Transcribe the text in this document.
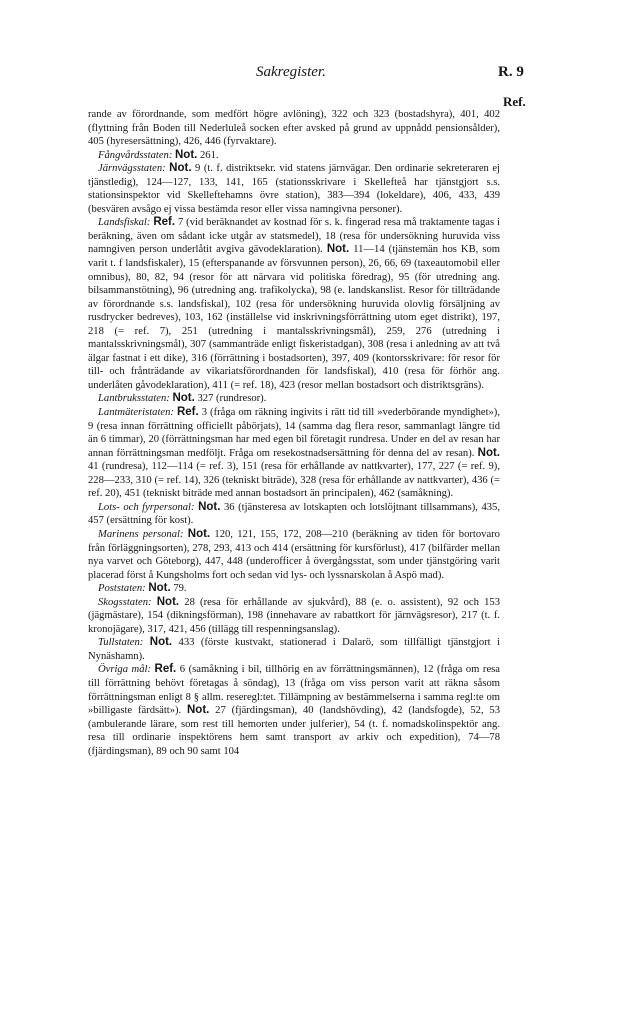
Sakregister.	R. 9
Ref.

rande av förordnande, som medfört högre avlöning), 322 och 323 (bostadshyra), 401, 402 (flyttning från Boden till Nederluleå socken efter avsked på grund av uppnådd pensionsålder), 405 (hyresersättning), 426, 446 (fyrvaktare).

Fångvårdsstaten: Not. 261.

Järnvägsstaten: Not. 9 (t. f. distriktsekr. vid statens järnvägar. Den ordinarie sekreteraren ej tjänstledig), 124—127, 133, 141, 165 (stationsskrivare i Skellefteå har tjänstgjort s.s. stationsinspektor vid Skelleftehamns övre station), 383—394 (lokeldare), 406, 433, 439 (besvären avsågo ej vissa bestämda resor eller vissa namngivna personer).

Landsfiskal: Ref. 7 (vid beräknandet av kostnad för s. k. fingerad resa må traktamente tagas i beräkning, även om sådant icke utgår av statsmedel), 18 (resa för undersökning huruvida viss namngiven person underlåtit avgiva gävodeklaration). Not. 11—14 (tjänstemän hos KB, som varit t. f landsfiskaler), 15 (efterspanande av försvunnen person), 26, 66, 69 (taxeautomobil eller omnibus), 80, 82, 94 (resor för att närvara vid politiska föredrag), 95 (för utredning ang. bilsammanstötning), 96 (utredning ang. trafikolycka), 98 (e. landskanslist. Resor för tillträdande av förordnande s.s. landsfiskal), 102 (resa för undersökning huruvida olovlig försäljning av rusdrycker bedreves), 103, 162 (inställelse vid inskrivningsförrättning utom eget distrikt), 197, 218 (= ref. 7), 251 (utredning i mantalsskrivningsmål), 259, 276 (utredning i mantalsskrivningsmål), 307 (sammanträde enligt fiskeristadgan), 308 (resa i anledning av att två älgar fastnat i ett dike), 316 (förrättning i bostadsorten), 397, 409 (kontorsskrivare: för resor för till- och frånträdande av vikariatsförordnanden för landsfiskal), 410 (resa för förhör ang. underlåten gåvodeklaration), 411 (= ref. 18), 423 (resor mellan bostadsort och distriktsgräns).

Lantbruksstaten: Not. 327 (rundresor).

Lantmäteristaten: Ref. 3 (fråga om räkning ingivits i rätt tid till »vederbörande myndighet»), 9 (resa innan förrättning officiellt påbörjats), 14 (samma dag flera resor, sammanlagt längre tid än 6 timmar), 20 (förrättningsman har med egen bil företagit rundresa. Under en del av resan har annan förrättningsman medföljt. Fråga om resekostnadsersättning för denna del av resan). Not. 41 (rundresa), 112—114 (= ref. 3), 151 (resa för erhållande av nattkvarter), 177, 227 (= ref. 9), 228—233, 310 (= ref. 14), 326 (tekniskt biträde), 328 (resa för erhållande av nattkvarter), 436 (= ref. 20), 451 (tekniskt biträde med annan bostadsort än principalen), 462 (samåkning).

Lots- och fyrpersonal: Not. 36 (tjänsteresa av lotskapten och lotslöjtnant tillsammans), 435, 457 (ersättning för kost).

Marinens personal: Not. 120, 121, 155, 172, 208—210 (beräkning av tiden för bortovaro från förläggningsorten), 278, 293, 413 och 414 (ersättning för kursförlust), 417 (bilfärder mellan nya varvet och Göteborg), 447, 448 (underofficer å övergångsstat, som under tjänstgöring varit placerad först å Kungsholms fort och sedan vid lys- och lyssnarskolan å Aspö mad).

Poststaten: Not. 79.

Skogsstaten: Not. 28 (resa för erhållande av sjukvård), 88 (e. o. assistent), 92 och 153 (jägmästare), 154 (dikningsförman), 198 (innehavare av rabattkort för järnvägsresor), 217 (t. f. kronojägare), 317, 421, 456 (tillägg till respenningsanslag).

Tullstaten: Not. 433 (förste kustvakt, stationerad i Dalarö, som tillfälligt tjänstgjort i Nynäshamn).

Övriga mål: Ref. 6 (samåkning i bil, tillhörig en av förrättningsmännen), 12 (fråga om resa till förrättning behövt företagas å söndag), 13 (fråga om viss person varit att räkna såsom förrättningsman enligt 8 § allm. reseregl:tet. Tillämpning av bestämmelserna i samma regl:te om »billigaste färdsätt»). Not. 27 (fjärdingsman), 40 (landshövding), 42 (landsfogde), 52, 53 (ambulerande lärare, som rest till hemorten under julferier), 54 (t. f. nomadskolinspektör ang. resa till ordinarie inspektörens hem samt transport av arkiv och expedition), 74—78 (fjärdingsman), 89 och 90 samt 104
